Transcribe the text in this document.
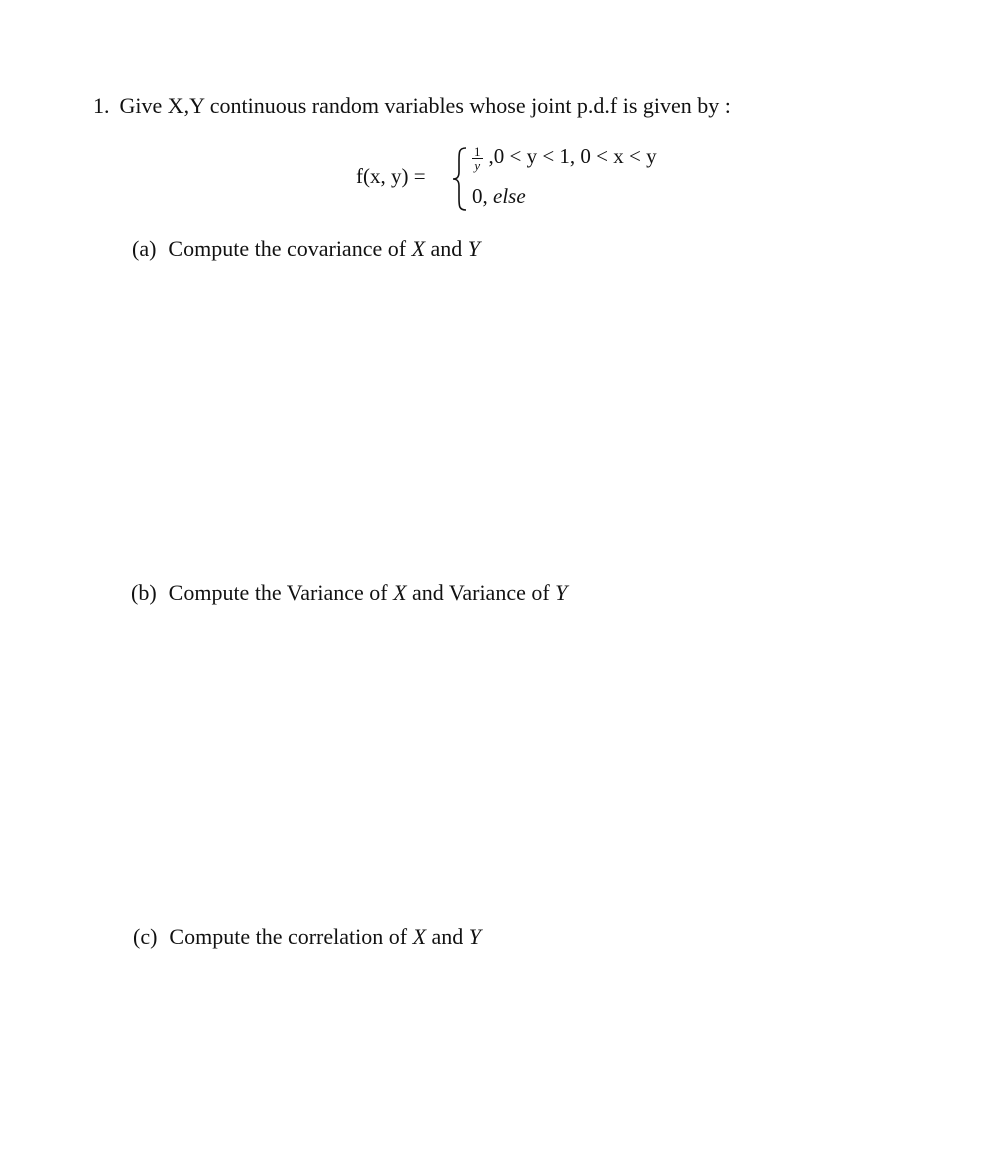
1. Give X,Y continuous random variables whose joint p.d.f is given by :
f(x, y) =
$\frac{1}{y} ,0 < y < 1$, 0 < x < y
0, else
(a) Compute the covariance of X and Y
(b) Compute the Variance of X and Variance of Y
(c) Compute the correlation of X and Y
